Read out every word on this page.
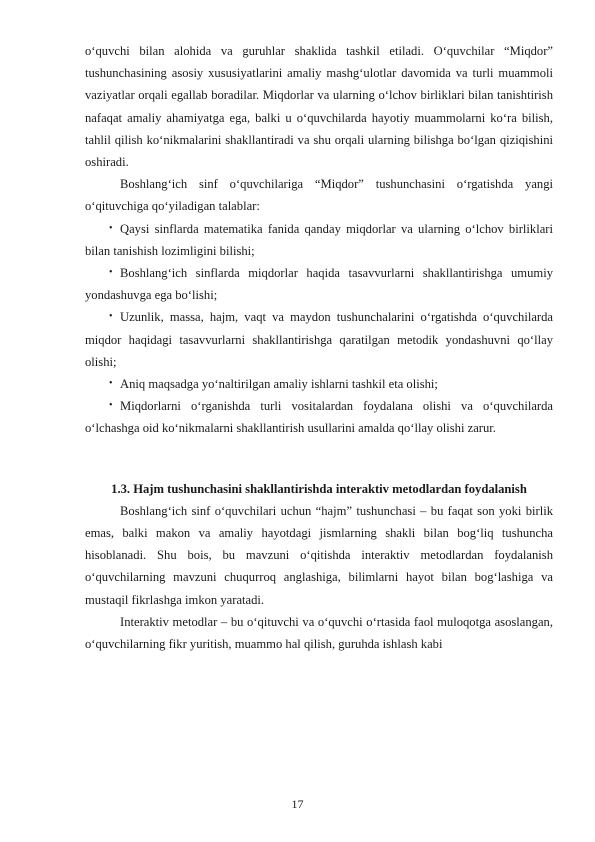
o‘quvchi bilan alohida va guruhlar shaklida tashkil etiladi. O‘quvchilar “Miqdor” tushunchasining asosiy xususiyatlarini amaliy mashg‘ulotlar davomida va turli muammoli vaziyatlar orqali egallab boradilar. Miqdorlar va ularning o‘lchov birliklari bilan tanishtirish nafaqat amaliy ahamiyatga ega, balki u o‘quvchilarda hayotiy muammolarni ko‘ra bilish, tahlil qilish ko‘nikmalarini shakllantiradi va shu orqali ularning bilishga bo‘lgan qiziqishini oshiradi.

Boshlang‘ich sinf o‘quvchilariga “Miqdor” tushunchasini o‘rgatishda yangi o‘qituvchiga qo‘yiladigan talablar:

• Qaysi sinflarda matematika fanida qanday miqdorlar va ularning o‘lchov birliklari bilan tanishish lozimligini bilishi;
• Boshlang‘ich sinflarda miqdorlar haqida tasavvurlarni shakllantirishga umumiy yondashuvga ega bo‘lishi;
• Uzunlik, massa, hajm, vaqt va maydon tushunchalarini o‘rgatishda o‘quvchilarda miqdor haqidagi tasavvurlarni shakllantirishga qaratilgan metodik yondashuvni qo‘llay olishi;
• Aniq maqsadga yo‘naltirilgan amaliy ishlarni tashkil eta olishi;
• Miqdorlarni o‘rganishda turli vositalardan foydalana olishi va o‘quvchilarda o‘lchashga oid ko‘nikmalarni shakllantirish usullarini amalda qo‘llay olishi zarur.

1.3. Hajm tushunchasini shakllantirishda interaktiv metodlardan foydalanish

Boshlang‘ich sinf o‘quvchilari uchun “hajm” tushunchasi – bu faqat son yoki birlik emas, balki makon va amaliy hayotdagi jismlarning shakli bilan bog‘liq tushuncha hisoblanadi. Shu bois, bu mavzuni o‘qitishda interaktiv metodlardan foydalanish o‘quvchilarning mavzuni chuqurroq anglashiga, bilimlarni hayot bilan bog‘lashiga va mustaqil fikrlashga imkon yaratadi.

Interaktiv metodlar – bu o‘qituvchi va o‘quvchi o‘rtasida faol muloqotga asoslangan, o‘quvchilarning fikr yuritish, muammo hal qilish, guruhda ishlash kabi

17
